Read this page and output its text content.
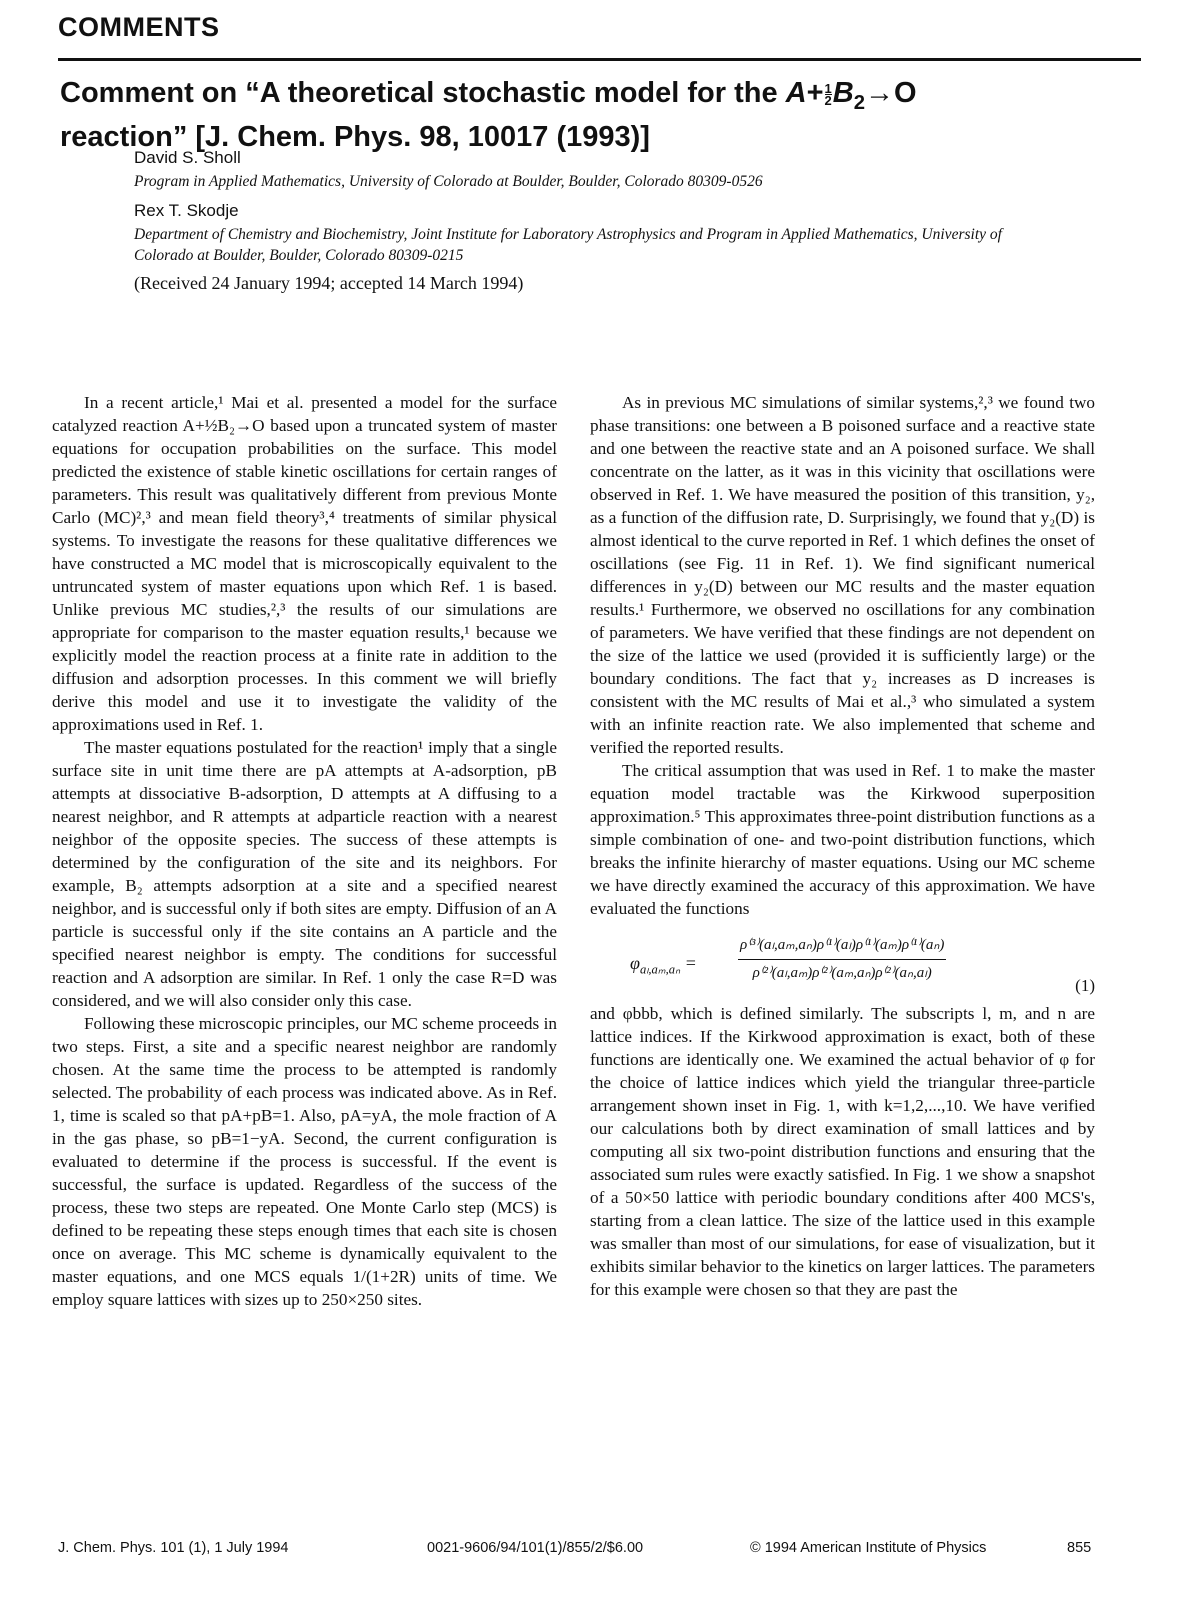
COMMENTS
Comment on “A theoretical stochastic model for the $A+ \frac{1}{2} B_2\to O$
reaction” [J. Chem. Phys. 98, 10017 (1993)]
David S. Sholl
Program in Applied Mathematics, University of Colorado at Boulder, Boulder, Colorado 80309-0526
Rex T. Skodje
Department of Chemistry and Biochemistry, Joint Institute for Laboratory Astrophysics and Program in Applied Mathematics, University of Colorado at Boulder, Boulder, Colorado 80309-0215
(Received 24 January 1994; accepted 14 March 1994)

In a recent article,¹ Mai et al. presented a model for the surface catalyzed reaction A+½B₂→O based upon a truncated system of master equations for occupation probabilities on the surface. This model predicted the existence of stable kinetic oscillations for certain ranges of parameters. This result was qualitatively different from previous Monte Carlo (MC)²,³ and mean field theory³,⁴ treatments of similar physical systems. To investigate the reasons for these qualitative differences we have constructed a MC model that is microscopically equivalent to the untruncated system of master equations upon which Ref. 1 is based. Unlike previous MC studies,²,³ the results of our simulations are appropriate for comparison to the master equation results,¹ because we explicitly model the reaction process at a finite rate in addition to the diffusion and adsorption processes. In this comment we will briefly derive this model and use it to investigate the validity of the approximations used in Ref. 1.

The master equations postulated for the reaction¹ imply that a single surface site in unit time there are pA attempts at A-adsorption, pB attempts at dissociative B-adsorption, D attempts at A diffusing to a nearest neighbor, and R attempts at adparticle reaction with a nearest neighbor of the opposite species. The success of these attempts is determined by the configuration of the site and its neighbors. For example, B₂ attempts adsorption at a site and a specified nearest neighbor, and is successful only if both sites are empty. Diffusion of an A particle is successful only if the site contains an A particle and the specified nearest neighbor is empty. The conditions for successful reaction and A adsorption are similar. In Ref. 1 only the case R=D was considered, and we will also consider only this case.

Following these microscopic principles, our MC scheme proceeds in two steps. First, a site and a specific nearest neighbor are randomly chosen. At the same time the process to be attempted is randomly selected. The probability of each process was indicated above. As in Ref. 1, time is scaled so that pA+pB=1. Also, pA=yA, the mole fraction of A in the gas phase, so pB=1−yA. Second, the current configuration is evaluated to determine if the process is successful. If the event is successful, the surface is updated. Regardless of the success of the process, these two steps are repeated. One Monte Carlo step (MCS) is defined to be repeating these steps enough times that each site is chosen once on average. This MC scheme is dynamically equivalent to the master equations, and one MCS equals 1/(1+2R) units of time. We employ square lattices with sizes up to 250×250 sites.

As in previous MC simulations of similar systems,²,³ we found two phase transitions: one between a B poisoned surface and a reactive state and one between the reactive state and an A poisoned surface. We shall concentrate on the latter, as it was in this vicinity that oscillations were observed in Ref. 1. We have measured the position of this transition, y₂, as a function of the diffusion rate, D. Surprisingly, we found that y₂(D) is almost identical to the curve reported in Ref. 1 which defines the onset of oscillations (see Fig. 11 in Ref. 1). We find significant numerical differences in y₂(D) between our MC results and the master equation results.¹ Furthermore, we observed no oscillations for any combination of parameters. We have verified that these findings are not dependent on the size of the lattice we used (provided it is sufficiently large) or the boundary conditions. The fact that y₂ increases as D increases is consistent with the MC results of Mai et al.,³ who simulated a system with an infinite reaction rate. We also implemented that scheme and verified the reported results.

The critical assumption that was used in Ref. 1 to make the master equation model tractable was the Kirkwood superposition approximation.⁵ This approximates three-point distribution functions as a simple combination of one- and two-point distribution functions, which breaks the infinite hierarchy of master equations. Using our MC scheme we have directly examined the accuracy of this approximation. We have evaluated the functions

$\varphi_{a_l,a_m,a_n}$ =	$\frac{\text{ρ⁽³⁾(aₗ,aₘ,aₙ)ρ⁽¹⁾(aₗ)ρ⁽¹⁾(aₘ)ρ⁽¹⁾(aₙ)}}{\text{ρ⁽²⁾(aₗ,aₘ)ρ⁽²⁾(aₘ,aₙ)ρ⁽²⁾(aₙ,aₗ)}}$
(1)

and φbbb, which is defined similarly. The subscripts l, m, and n are lattice indices. If the Kirkwood approximation is exact, both of these functions are identically one. We examined the actual behavior of φ for the choice of lattice indices which yield the triangular three-particle arrangement shown inset in Fig. 1, with k=1,2,...,10. We have verified our calculations both by direct examination of small lattices and by computing all six two-point distribution functions and ensuring that the associated sum rules were exactly satisfied. In Fig. 1 we show a snapshot of a 50×50 lattice with periodic boundary conditions after 400 MCS's, starting from a clean lattice. The size of the lattice used in this example was smaller than most of our simulations, for ease of visualization, but it exhibits similar behavior to the kinetics on larger lattices. The parameters for this example were chosen so that they are past the

J. Chem. Phys. 101 (1), 1 July 1994	0021-9606/94/101(1)/855/2/$6.00	© 1994 American Institute of Physics	855
